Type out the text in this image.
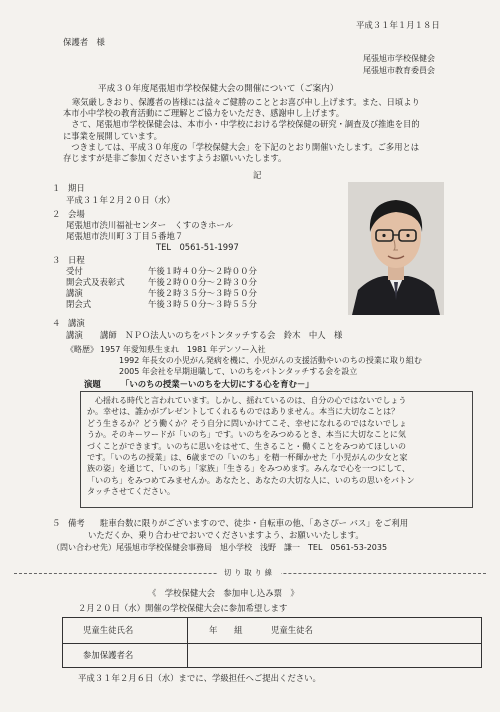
平成３１年１月１８日
保護者　様
尾張旭市学校保健会
尾張旭市教育委員会
平成３０年度尾張旭市学校保健大会の開催について（ご案内）

寒気厳しきおり、保護者の皆様には益々ご健勝のこととお喜び申し上げます。また、日頃より

本市小中学校の教育活動にご理解とご協力をいただき、感謝申し上げます。

　さて、尾張旭市学校保健会は、本市小・中学校における学校保健の研究・調査及び推進を目的

に事業を展開しています。

　つきましては、平成３０年度の「学校保健大会」を下記のとおり開催いたします。ご多用とは

存じますが是非ご参加くださいますようお願いいたします。

記
１ 期日
平成３１年２月２０日（水）
２ 会場
尾張旭市渋川福祉センター　くすのきホール
尾張旭市渋川町３丁目５番地７
TEL　0561-51-1997
３ 日程
受付	午後１時４０分～２時００分
開会式及表彰式	午後２時００分～２時３０分
講演	午後２時３５分～３時５０分
閉会式	午後３時５０分～３時５５分
４ 講演
講演 講師　ＮＰＯ法人いのちをバトンタッチする会　鈴木　中人　様
《略歴》 1957 年愛知県生まれ　1981 年デンソー入社
1992 年長女の小児がん発病を機に、小児がんの支援活動やいのちの授業に取り組む
2005 年会社を早期退職して、いのちをバトンタッチする会を設立
演題 「いのちの授業－いのちを大切にする心を育む－」

心揺れる時代と言われています。しかし、揺れているのは、自分の心ではないでしょう

か。幸せは、誰かがプレゼントしてくれるものではありません。本当に大切なことは？

どう生きるか？どう働くか？そう自分に問いかけてこそ、幸せになれるのではないでしょ

うか。そのキーワードが「いのち」です。いのちをみつめるとき、本当に大切なことに気

づくことができます。いのちに思いをはせて、生きること・働くことをみつめてほしいの

です。「いのちの授業」は、6歳までの「いのち」を精一杯輝かせた「小児がんの少女と家

族の姿」を通じて、「いのち」「家族」「生きる」をみつめます。みんなで心を一つにして、

「いのち」をみつめてみませんか。あなたと、あなたの大切な人に、いのちの思いをバトン

タッチさせてください。

５ 備考 駐車台数に限りがございますので、徒歩・自転車の他、「あさぴー バス」をご利用
いただくか、乗り合わせでおいでくださいますよう、お願いいたします。
（問い合わせ先）尾張旭市学校保健会事務局　旭小学校　浅野　謙一　TEL　0561-53-2035
切り取り線
《　学校保健大会　参加申し込み票　》
２月２０日（水）開催の学校保健大会に参加希望します
児童生徒氏名	年　　組	児童生徒名
参加保護者名
平成３１年２月６日（水）までに、学級担任へご提出ください。
